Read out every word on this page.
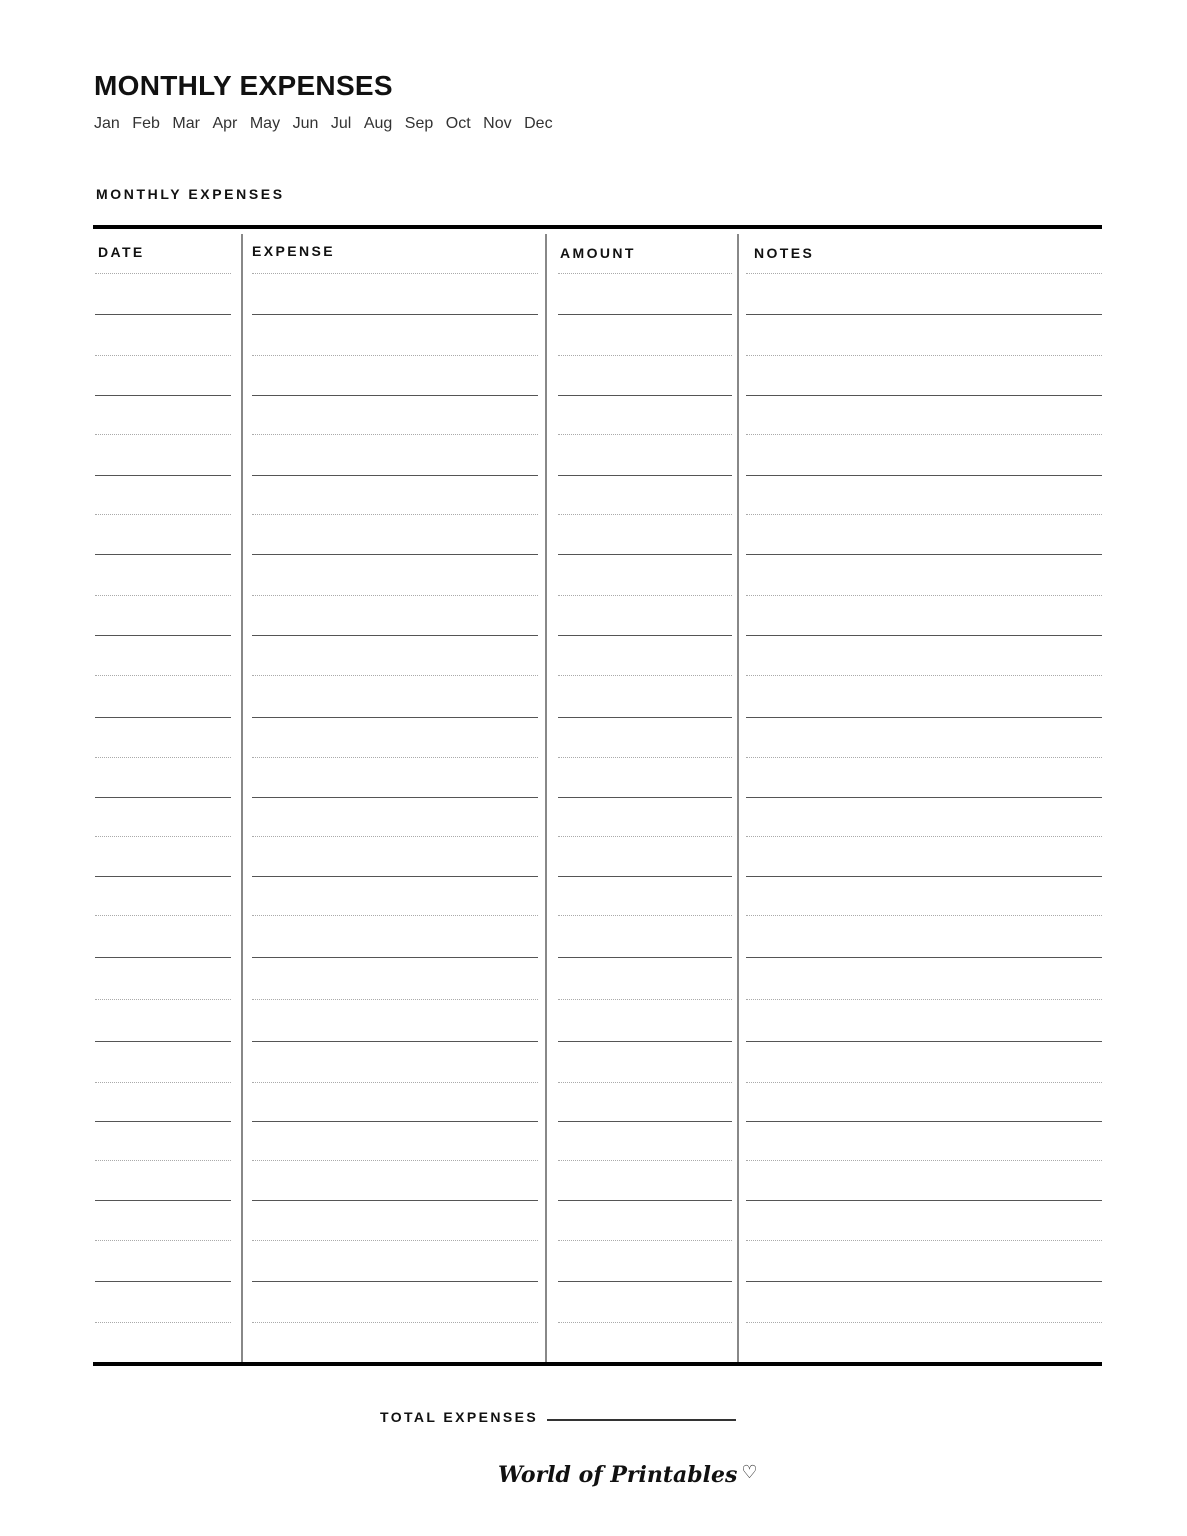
MONTHLY EXPENSES
Jan Feb Mar Apr May Jun Jul Aug Sep Oct Nov Dec
MONTHLY EXPENSES
DATE	EXPENSE	AMOUNT	NOTES
TOTAL EXPENSES
World of Printables ♡
